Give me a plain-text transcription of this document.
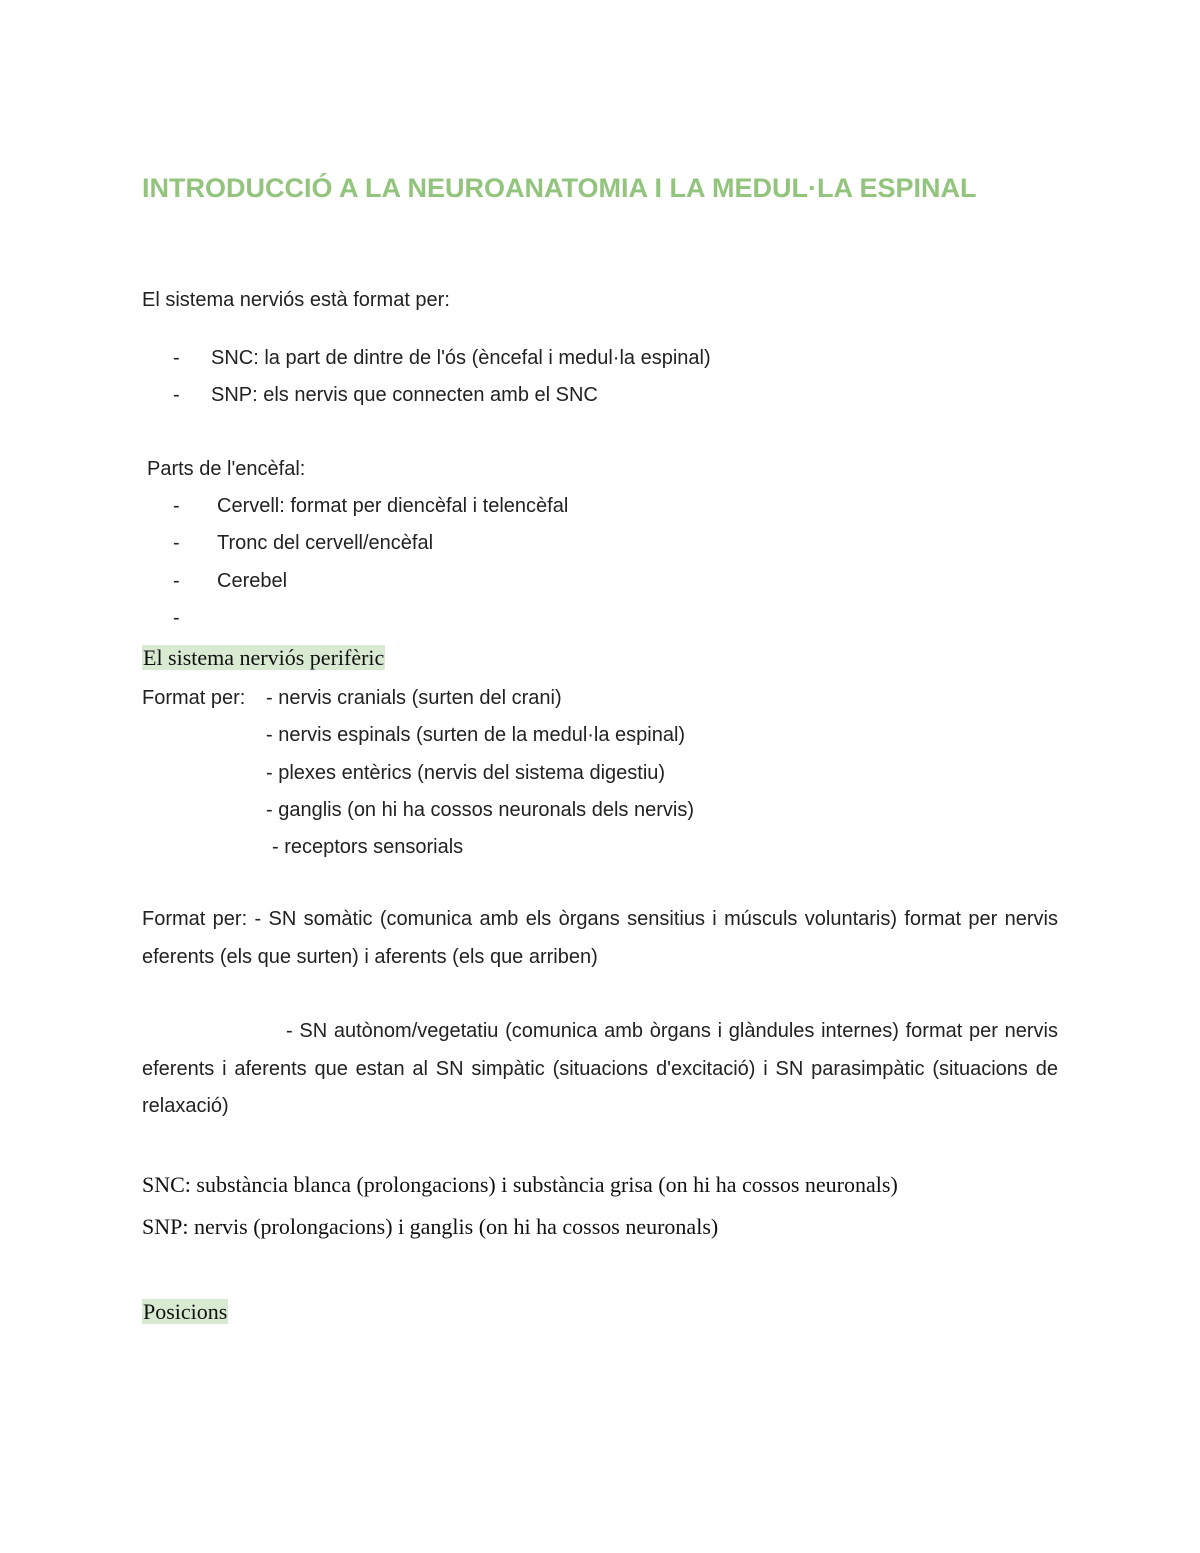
INTRODUCCIÓ A LA NEUROANATOMIA I LA MEDUL·LA ESPINAL
El sistema nerviós està format per:
- SNC: la part de dintre de l'ós (èncefal i medul·la espinal)
- SNP: els nervis que connecten amb el SNC
Parts de l'encèfal:
- Cervell: format per diencèfal i telencèfal
- Tronc del cervell/encèfal
- Cerebel
-
El sistema nerviós perifèric
Format per: - nervis cranials (surten del crani)
- nervis espinals (surten de la medul·la espinal)
- plexes entèrics (nervis del sistema digestiu)
- ganglis (on hi ha cossos neuronals dels nervis)
- receptors sensorials
Format per: - SN somàtic (comunica amb els òrgans sensitius i músculs voluntaris) format per nervis eferents (els que surten) i aferents (els que arriben)
- SN autònom/vegetatiu (comunica amb òrgans i glàndules internes) format per nervis eferents i aferents que estan al SN simpàtic (situacions d'excitació) i SN parasimpàtic (situacions de relaxació)
SNC: substància blanca (prolongacions) i substància grisa (on hi ha cossos neuronals)
SNP: nervis (prolongacions) i ganglis (on hi ha cossos neuronals)
Posicions
